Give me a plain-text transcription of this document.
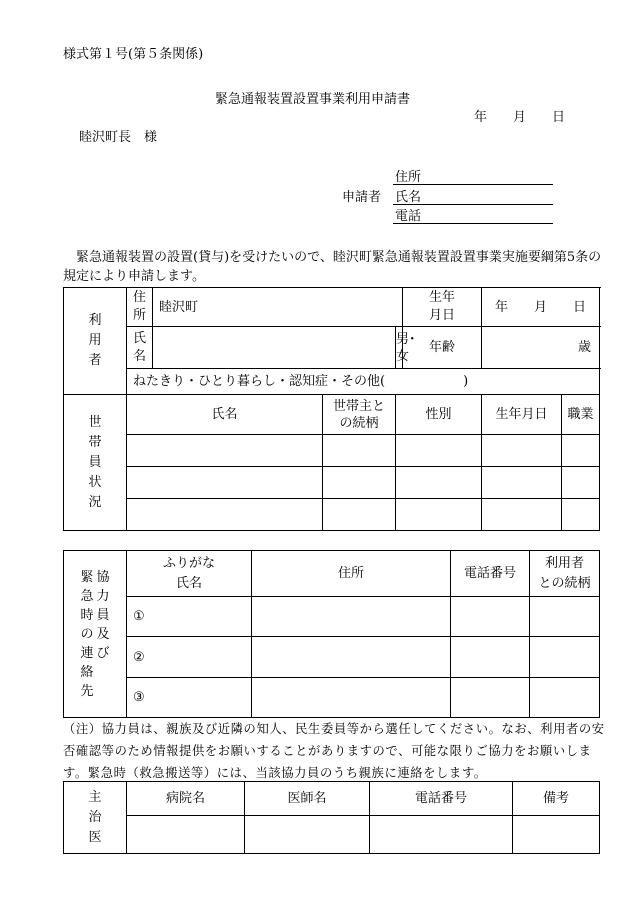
様式第１号(第５条関係)
緊急通報装置設置事業利用申請書
年　　月　　日
睦沢町長　様
申請者
住所
氏名
電話
　緊急通報装置の設置(貸与)を受けたいので、睦沢町緊急通報装置設置事業実施要綱第5条の規定により申請します。
利用者	住所	睦沢町			生年月日	年　　月　　日		
	氏名			男･女	年齢	歳		
	ねたきり・ひとり暮らし・認知症・その他(　　　　　　)							
世帯員状況	氏名		世帯主との続柄	性別		生年月日	職業	

緊急時の連絡先
協力員及び	ふりがな 氏名	住所	電話番号	利用者 との続柄
	①			
	②			
	③			
（注）協力員は、親族及び近隣の知人、民生委員等から選任してください。なお、利用者の安否確認等のため情報提供をお願いすることがありますので、可能な限りご協力をお願いします。緊急時（救急搬送等）には、当該協力員のうち親族に連絡をします。
主治医	病院名	医師名	電話番号	備考
